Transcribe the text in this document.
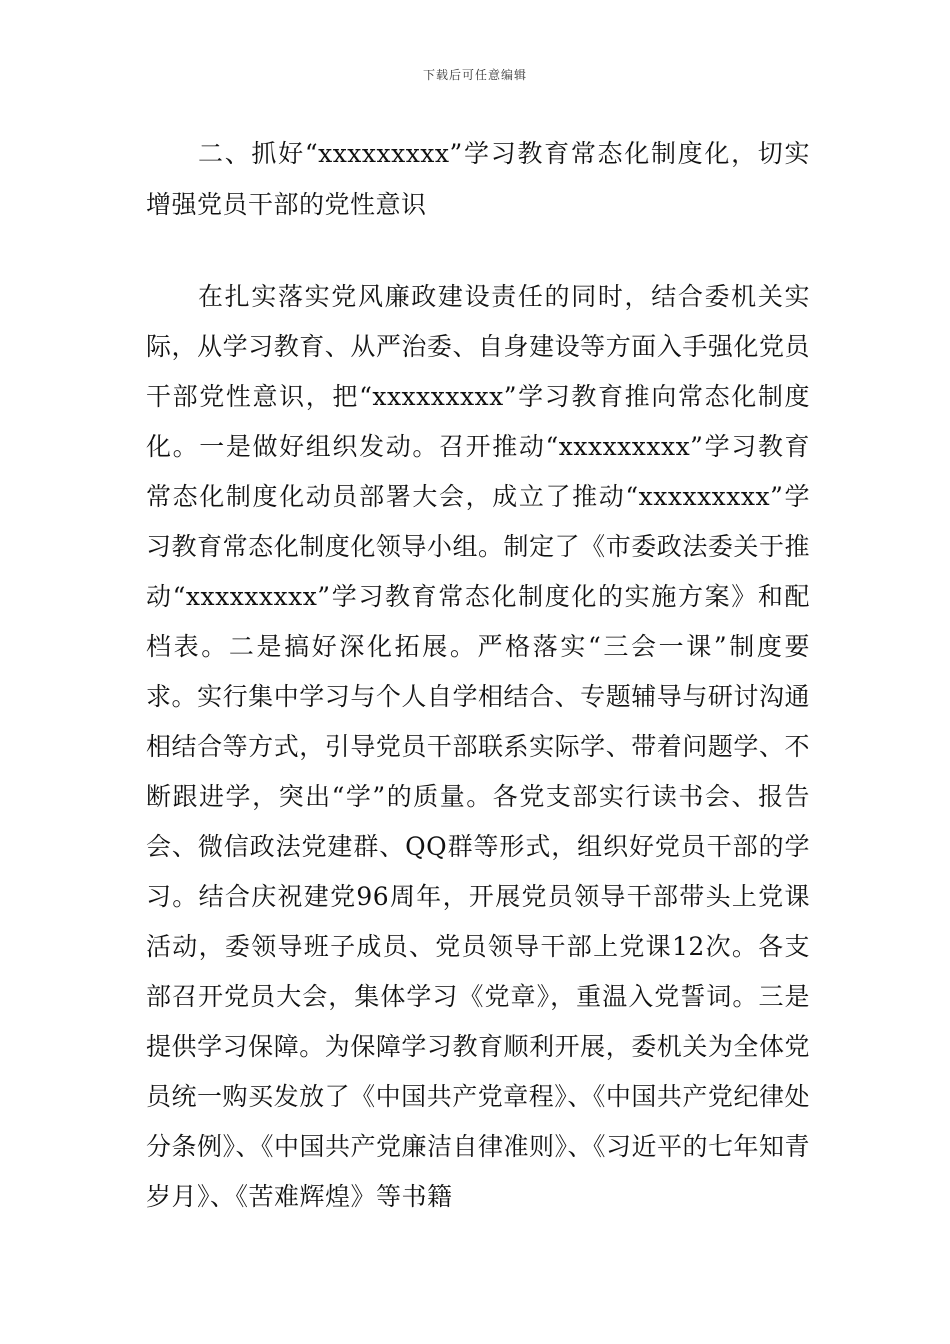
下载后可任意编辑
二、抓好“xxxxxxxxx”学习教育常态化制度化，切实增强党员干部的党性意识
在扎实落实党风廉政建设责任的同时，结合委机关实际，从学习教育、从严治委、自身建设等方面入手强化党员干部党性意识，把“xxxxxxxxx”学习教育推向常态化制度化。一是做好组织发动。召开推动“xxxxxxxxx”学习教育常态化制度化动员部署大会，成立了推动“xxxxxxxxx”学习教育常态化制度化领导小组。制定了《市委政法委关于推动“xxxxxxxxx”学习教育常态化制度化的实施方案》和配档表。二是搞好深化拓展。严格落实“三会一课”制度要求。实行集中学习与个人自学相结合、专题辅导与研讨沟通相结合等方式，引导党员干部联系实际学、带着问题学、不断跟进学，突出“学”的质量。各党支部实行读书会、报告会、微信政法党建群、QQ群等形式，组织好党员干部的学习。结合庆祝建党96周年，开展党员领导干部带头上党课活动，委领导班子成员、党员领导干部上党课12次。各支部召开党员大会，集体学习《党章》，重温入党誓词。三是提供学习保障。为保障学习教育顺利开展，委机关为全体党员统一购买发放了《中国共产党章程》、《中国共产党纪律处分条例》、《中国共产党廉洁自律准则》、《习近平的七年知青岁月》、《苦难辉煌》等书籍
